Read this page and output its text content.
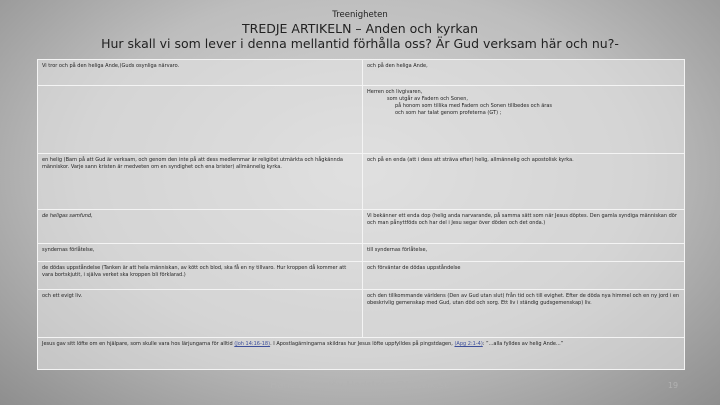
Treenigheten
TREDJE ARTIKELN – Anden och kyrkan
Hur skall vi som lever i denna mellantid förhålla oss? Är Gud verksam här och nu?-
Vi tror och på den heliga Ande,(Guds osynliga närvaro.	och på den heliga Ande,

	Herren och livgivaren,
som utgår av Fadern och Sonen,
på honom som tillika med Fadern och Sonen tillbedes och äras
och som har talat genom profeterna (GT) ;

en helig (Barn på att Gud är verksam, och genom den inte på att dess medlemmar är religiöst utmärkta och hågkännda människor. Varje sann kristen är medveten om en syndighet och ena brister) allmännelig kyrka.	och på en enda (att i dess att sträva efter) helig, allmännelig och apostolisk kyrka.
de heligas samfund,	Vi bekänner ett enda dop (helig anda narvarande, på samma sätt som när Jesus döptes. Den gamla syndiga människan dör och man pånyttföds och har del i Jesu segar över döden och det onda.)
syndernas förlåtelse,	till syndernas förlåtelse,
de dödas uppståndelse (Tanken är att hela människan, av kött och blod, ska få en ny tillvaro. Hur kroppen då kommer att vara bortskjutit, i själva verket ska kroppen bli förklarad.)	och förväntar de dödas uppståndelse
och ett evigt liv.	och den tillkommande världens (Den av Gud utan slut) från tid och till evighet. Efter de döda nya himmel och en ny jord i en obeskrivlig gemenskap med Gud, utan död och sorg. Ett liv i ständig gudsgemenskap) liv.
Jesus gav sitt löfte om en hjälpare, som skulle vara hos lärjungarna för alltid (Joh 14:16-18). I Apostlagärningarna skildras hur Jesus löfte uppfylldes på pingstdagen, (Apg 2:1-4): ”...alla fylldes av helig Ande...”	
Hans Rosenlöv Hedström@Lutvik.se	19
